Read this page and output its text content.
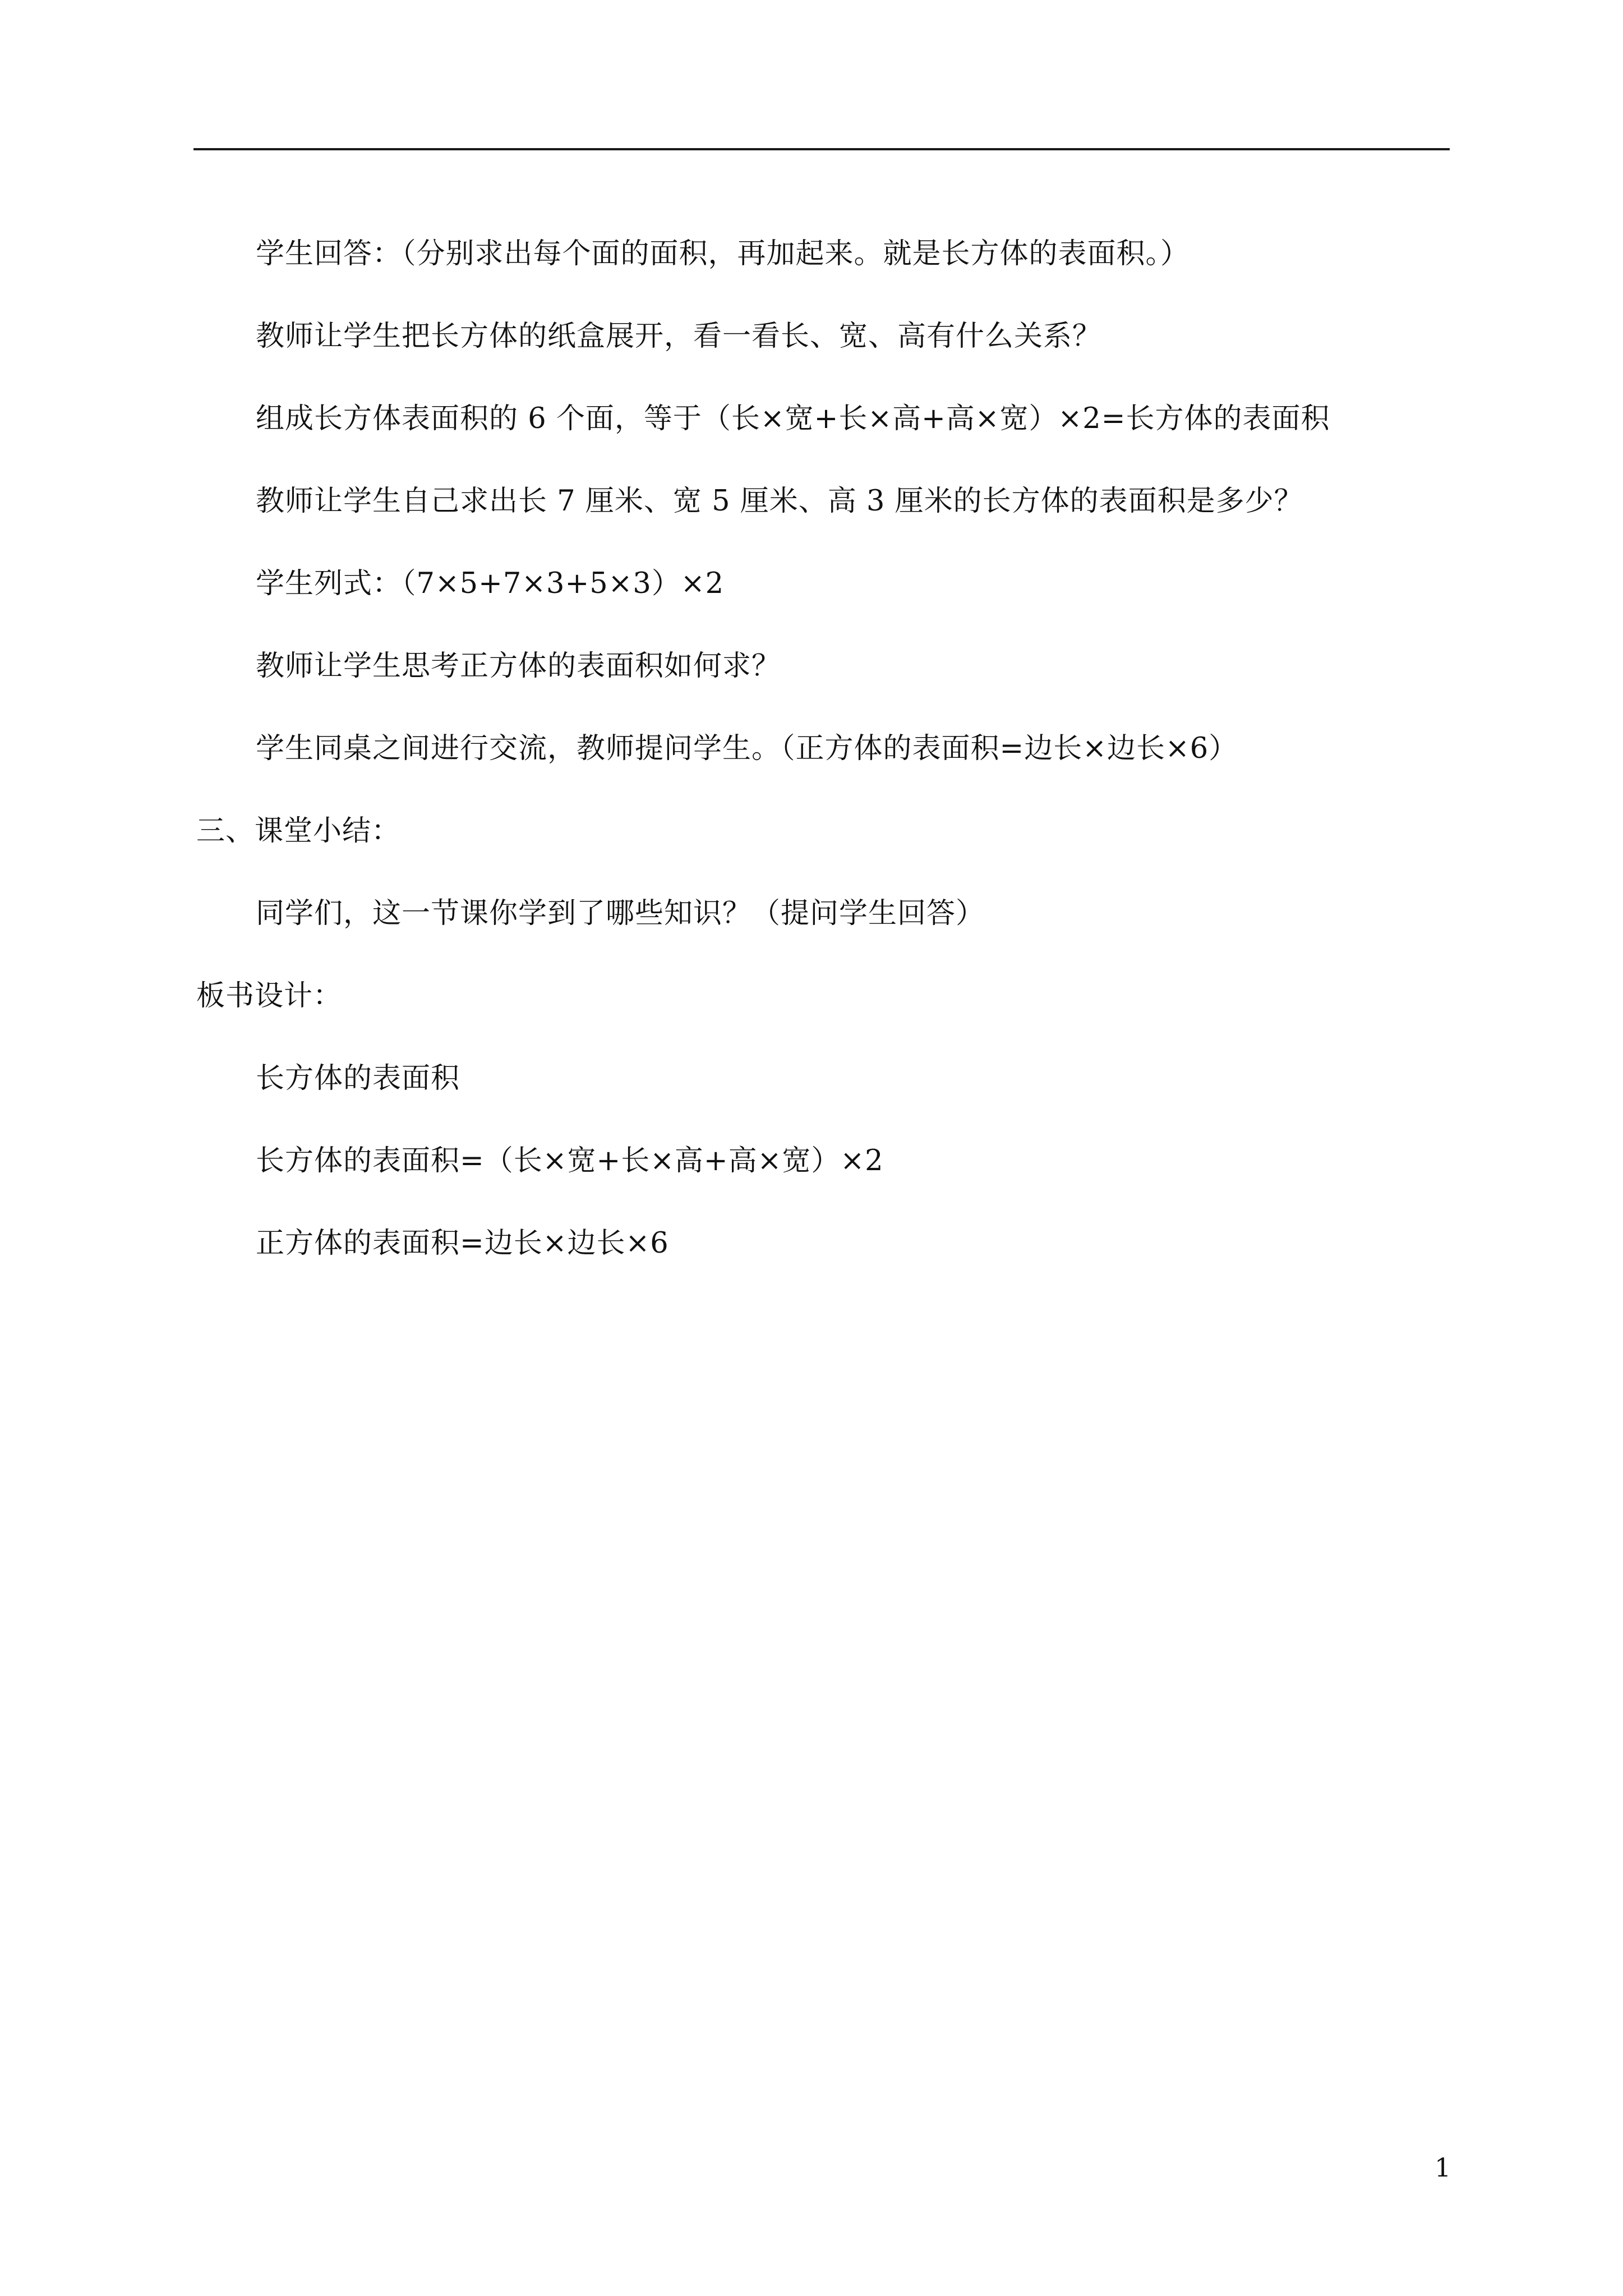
学生回答：（分别求出每个面的面积，再加起来。就是长方体的表面积。）
教师让学生把长方体的纸盒展开，看一看长、宽、高有什么关系？
组成长方体表面积的 6 个面，等于（长×宽+长×高+高×宽）×2=长方体的表面积
教师让学生自己求出长 7 厘米、宽 5 厘米、高 3 厘米的长方体的表面积是多少？
学生列式：（7×5+7×3+5×3）×2
教师让学生思考正方体的表面积如何求？
学生同桌之间进行交流，教师提问学生。（正方体的表面积=边长×边长×6）
三、课堂小结：
同学们，这一节课你学到了哪些知识？（提问学生回答）
板书设计：
长方体的表面积
长方体的表面积=（长×宽+长×高+高×宽）×2
正方体的表面积=边长×边长×6
1
